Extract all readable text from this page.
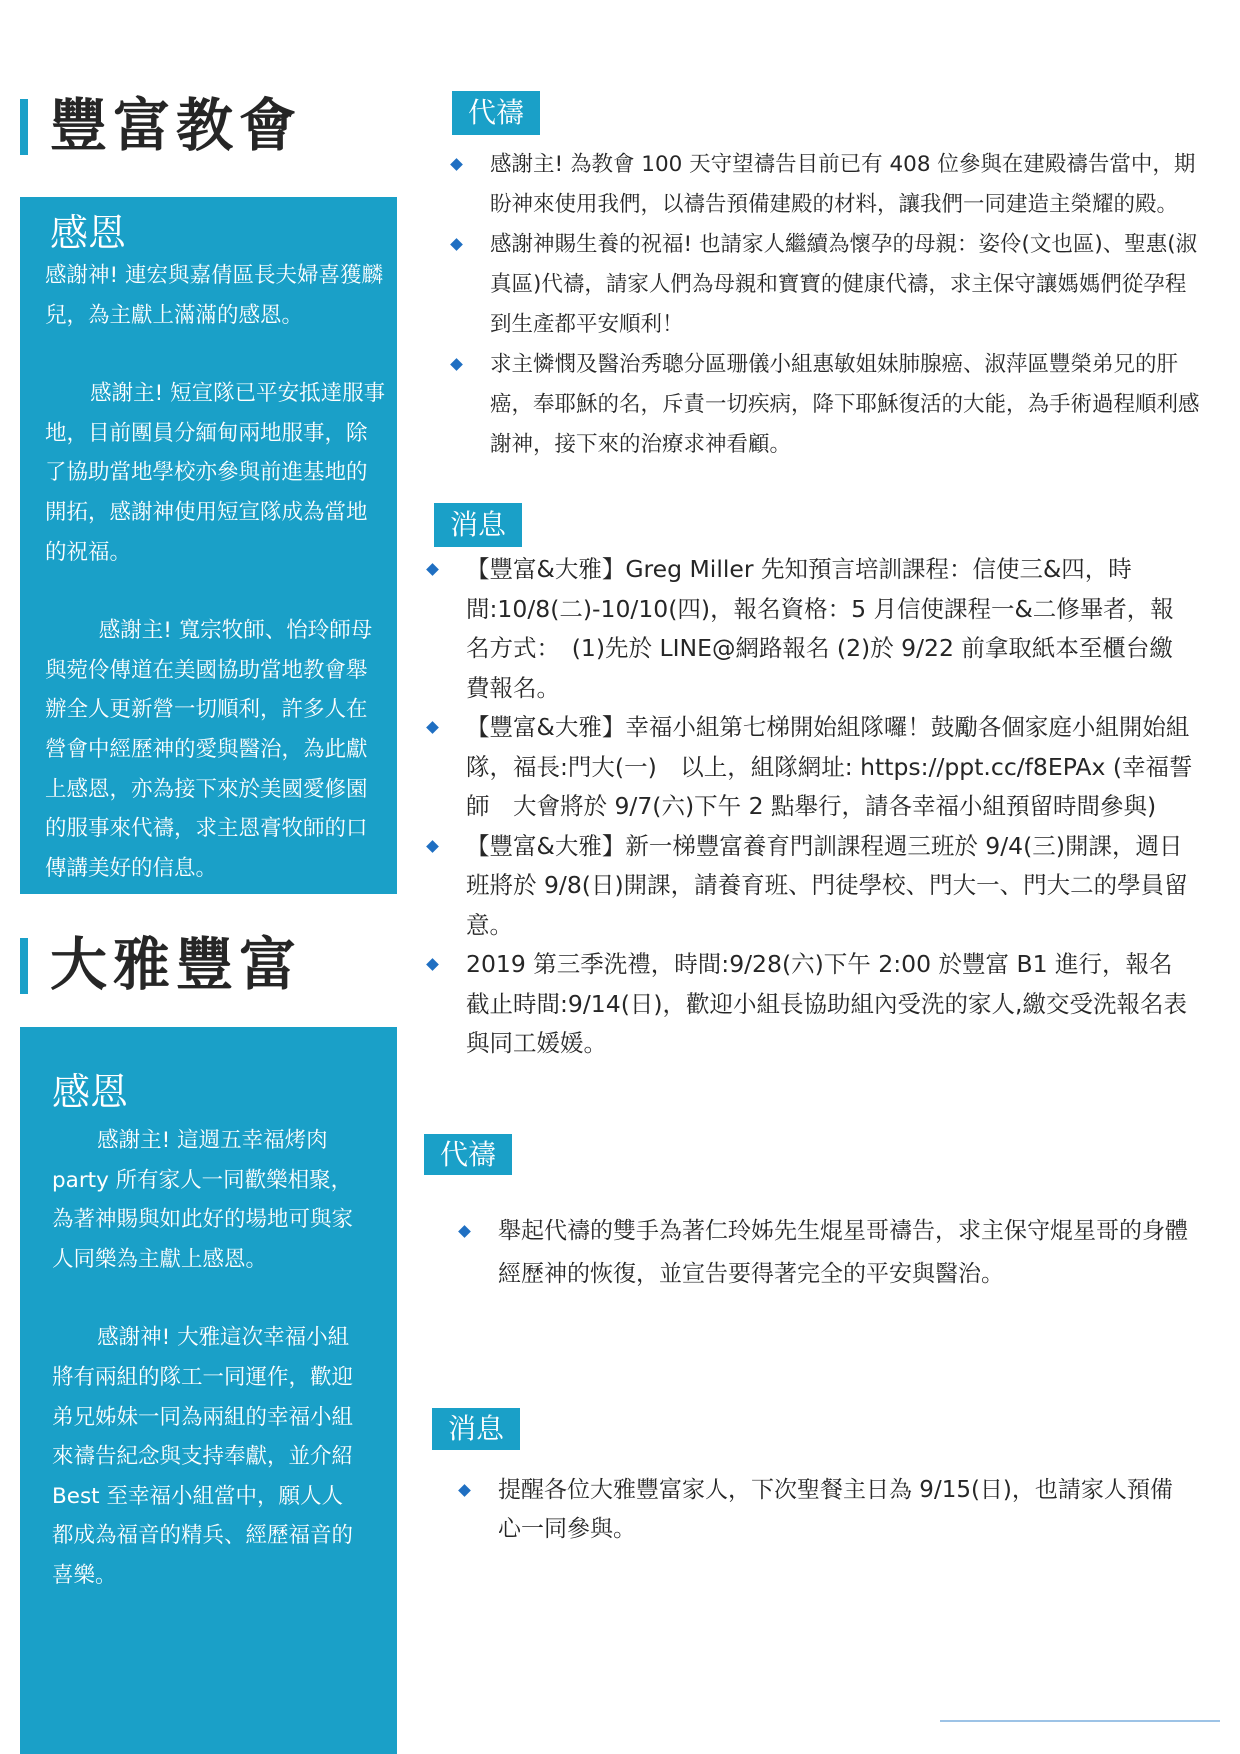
豐富教會
感恩

感謝神! 連宏與嘉倩區長夫婦喜獲麟兒，為主獻上滿滿的感恩。

感謝主! 短宣隊已平安抵達服事地，目前團員分緬甸兩地服事，除了協助當地學校亦參與前進基地的開拓，感謝神使用短宣隊成為當地的祝福。

感謝主! 寬宗牧師、怡玲師母與菀伶傳道在美國協助當地教會舉辦全人更新營一切順利，許多人在營會中經歷神的愛與醫治，為此獻上感恩，亦為接下來於美國愛修園的服事來代禱，求主恩膏牧師的口傳講美好的信息。

大雅豐富
感恩

感謝主! 這週五幸福烤肉 party 所有家人一同歡樂相聚，為著神賜與如此好的場地可與家人同樂為主獻上感恩。

感謝神! 大雅這次幸福小組將有兩組的隊工一同運作，歡迎弟兄姊妹一同為兩組的幸福小組來禱告紀念與支持奉獻，並介紹 Best 至幸福小組當中，願人人都成為福音的精兵、經歷福音的喜樂。

代禱
感謝主! 為教會 100 天守望禱告目前已有 408 位參與在建殿禱告當中，期盼神來使用我們，以禱告預備建殿的材料，讓我們一同建造主榮耀的殿。
感謝神賜生養的祝福! 也請家人繼續為懷孕的母親：姿伶(文也區)、聖惠(淑真區)代禱，請家人們為母親和寶寶的健康代禱，求主保守讓媽媽們從孕程到生產都平安順利！
求主憐憫及醫治秀聰分區珊儀小組惠敏姐妹肺腺癌、淑萍區豐榮弟兄的肝癌，奉耶穌的名，斥責一切疾病，降下耶穌復活的大能，為手術過程順利感謝神，接下來的治療求神看顧。
消息
【豐富&大雅】Greg Miller 先知預言培訓課程：信使三&四，時間:10/8(二)-10/10(四)，報名資格：5 月信使課程一&二修畢者，報名方式：　(1)先於 LINE@網路報名 (2)於 9/22 前拿取紙本至櫃台繳費報名。
【豐富&大雅】幸福小組第七梯開始組隊囉！鼓勵各個家庭小組開始組隊，福長:門大(一)　以上，組隊網址: https://ppt.cc/f8EPAx (幸福誓師　大會將於 9/7(六)下午 2 點舉行，請各幸福小組預留時間參與)
【豐富&大雅】新一梯豐富養育門訓課程週三班於 9/4(三)開課，週日班將於 9/8(日)開課，請養育班、門徒學校、門大一、門大二的學員留意。
2019 第三季洗禮，時間:9/28(六)下午 2:00 於豐富 B1 進行，報名截止時間:9/14(日)，歡迎小組長協助組內受洗的家人,繳交受洗報名表與同工媛媛。
代禱
舉起代禱的雙手為著仁玲姊先生焜星哥禱告，求主保守焜星哥的身體經歷神的恢復，並宣告要得著完全的平安與醫治。
消息
提醒各位大雅豐富家人，下次聖餐主日為 9/15(日)，也請家人預備心一同參與。
